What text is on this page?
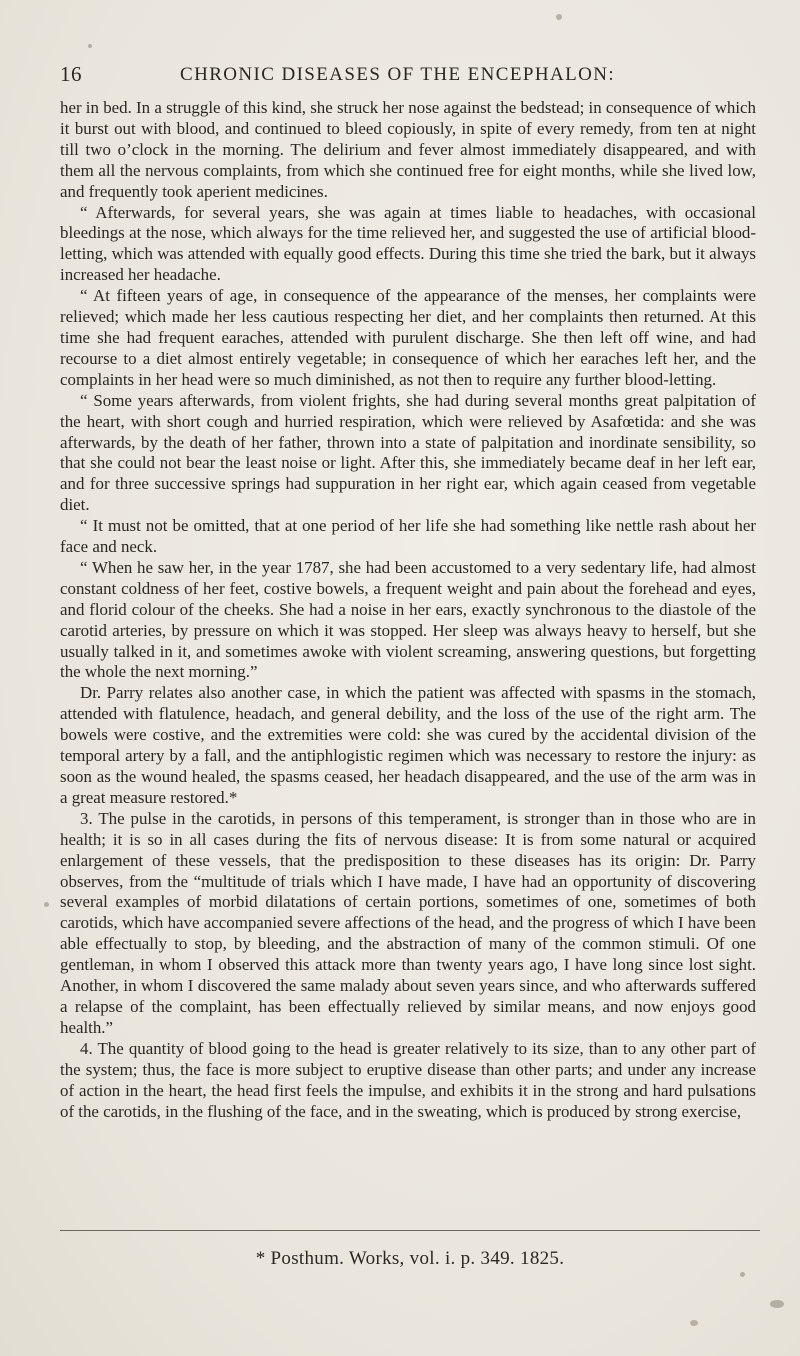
16	CHRONIC DISEASES OF THE ENCEPHALON:

her in bed. In a struggle of this kind, she struck her nose against the bedstead; in consequence of which it burst out with blood, and continued to bleed copiously, in spite of every remedy, from ten at night till two o’clock in the morning. The delirium and fever almost immediately disappeared, and with them all the nervous complaints, from which she continued free for eight months, while she lived low, and frequently took aperient medicines.

“ Afterwards, for several years, she was again at times liable to headaches, with occasional bleedings at the nose, which always for the time relieved her, and suggested the use of artificial blood-letting, which was attended with equally good effects. During this time she tried the bark, but it always increased her headache.

“ At fifteen years of age, in consequence of the appearance of the menses, her complaints were relieved; which made her less cautious respecting her diet, and her complaints then returned. At this time she had frequent earaches, attended with purulent discharge. She then left off wine, and had recourse to a diet almost entirely vegetable; in consequence of which her earaches left her, and the complaints in her head were so much diminished, as not then to require any further blood-letting.

“ Some years afterwards, from violent frights, she had during several months great palpitation of the heart, with short cough and hurried respiration, which were relieved by Asafœtida: and she was afterwards, by the death of her father, thrown into a state of palpitation and inordinate sensibility, so that she could not bear the least noise or light. After this, she immediately became deaf in her left ear, and for three successive springs had suppuration in her right ear, which again ceased from vegetable diet.

“ It must not be omitted, that at one period of her life she had something like nettle rash about her face and neck.

“ When he saw her, in the year 1787, she had been accustomed to a very sedentary life, had almost constant coldness of her feet, costive bowels, a frequent weight and pain about the forehead and eyes, and florid colour of the cheeks. She had a noise in her ears, exactly synchronous to the diastole of the carotid arteries, by pressure on which it was stopped. Her sleep was always heavy to herself, but she usually talked in it, and sometimes awoke with violent screaming, answering questions, but forgetting the whole the next morning.”

Dr. Parry relates also another case, in which the patient was affected with spasms in the stomach, attended with flatulence, headach, and general debility, and the loss of the use of the right arm. The bowels were costive, and the extremities were cold: she was cured by the accidental division of the temporal artery by a fall, and the antiphlogistic regimen which was necessary to restore the injury: as soon as the wound healed, the spasms ceased, her headach disappeared, and the use of the arm was in a great measure restored.*

3. The pulse in the carotids, in persons of this temperament, is stronger than in those who are in health; it is so in all cases during the fits of nervous disease: It is from some natural or acquired enlargement of these vessels, that the predisposition to these diseases has its origin: Dr. Parry observes, from the “multitude of trials which I have made, I have had an opportunity of discovering several examples of morbid dilatations of certain portions, sometimes of one, sometimes of both carotids, which have accompanied severe affections of the head, and the progress of which I have been able effectually to stop, by bleeding, and the abstraction of many of the common stimuli. Of one gentleman, in whom I observed this attack more than twenty years ago, I have long since lost sight. Another, in whom I discovered the same malady about seven years since, and who afterwards suffered a relapse of the complaint, has been effectually relieved by similar means, and now enjoys good health.”

4. The quantity of blood going to the head is greater relatively to its size, than to any other part of the system; thus, the face is more subject to eruptive disease than other parts; and under any increase of action in the heart, the head first feels the impulse, and exhibits it in the strong and hard pulsations of the carotids, in the flushing of the face, and in the sweating, which is produced by strong exercise,

* Posthum. Works, vol. i. p. 349. 1825.
